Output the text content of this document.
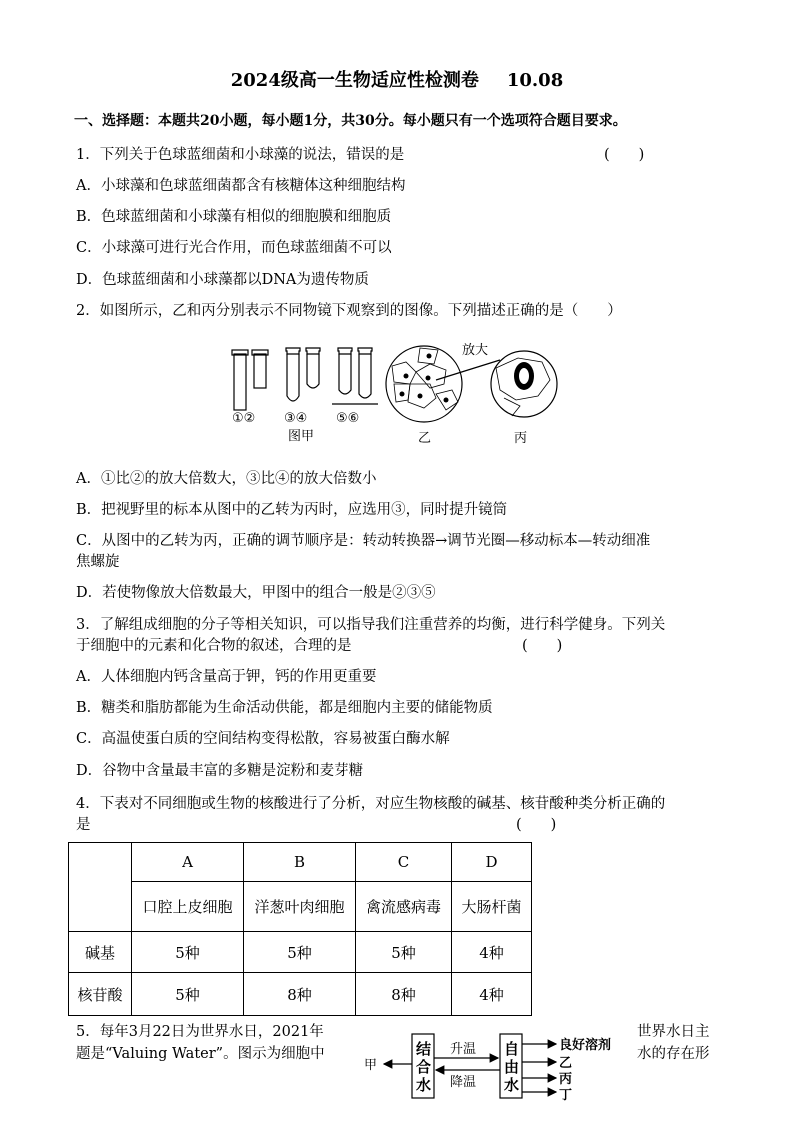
2024级高一生物适应性检测卷 10.08
一、选择题：本题共20小题，每小题1分，共30分。每小题只有一个选项符合题目要求。
1．下列关于色球蓝细菌和小球藻的说法，错误的是	(　　)
A．小球藻和色球蓝细菌都含有核糖体这种细胞结构
B．色球蓝细菌和小球藻有相似的细胞膜和细胞质
C．小球藻可进行光合作用，而色球蓝细菌不可以
D．色球蓝细菌和小球藻都以DNA为遗传物质
2．如图所示，乙和丙分别表示不同物镜下观察到的图像。下列描述正确的是（　　）
①② ③④ ⑤⑥
图甲	乙	丙
放大
A．①比②的放大倍数大，③比④的放大倍数小
B．把视野里的标本从图中的乙转为丙时，应选用③，同时提升镜筒
C．从图中的乙转为丙，正确的调节顺序是：转动转换器→调节光圈—移动标本—转动细准
焦螺旋
D．若使物像放大倍数最大，甲图中的组合一般是②③⑤
3．了解组成细胞的分子等相关知识，可以指导我们注重营养的均衡，进行科学健身。下列关
于细胞中的元素和化合物的叙述，合理的是	(　　)
A．人体细胞内钙含量高于钾，钙的作用更重要
B．糖类和脂肪都能为生命活动供能，都是细胞内主要的储能物质
C．高温使蛋白质的空间结构变得松散，容易被蛋白酶水解
D．谷物中含量最丰富的多糖是淀粉和麦芽糖
4．下表对不同细胞或生物的核酸进行了分析，对应生物核酸的碱基、核苷酸种类分析正确的
是	(　　)
	A	B	C	D
	口腔上皮细胞	洋葱叶肉细胞	禽流感病毒	大肠杆菌
碱基	5种	5种	5种	4种
核苷酸	5种	8种	8种	4种
5．每年3月22日为世界水日，2021年	世界水日主
题是“Valuing Water”。图示为细胞中	水的存在形
甲
结
合
水
自
由
水
升温
降温
良好溶剂
乙
丙
丁
